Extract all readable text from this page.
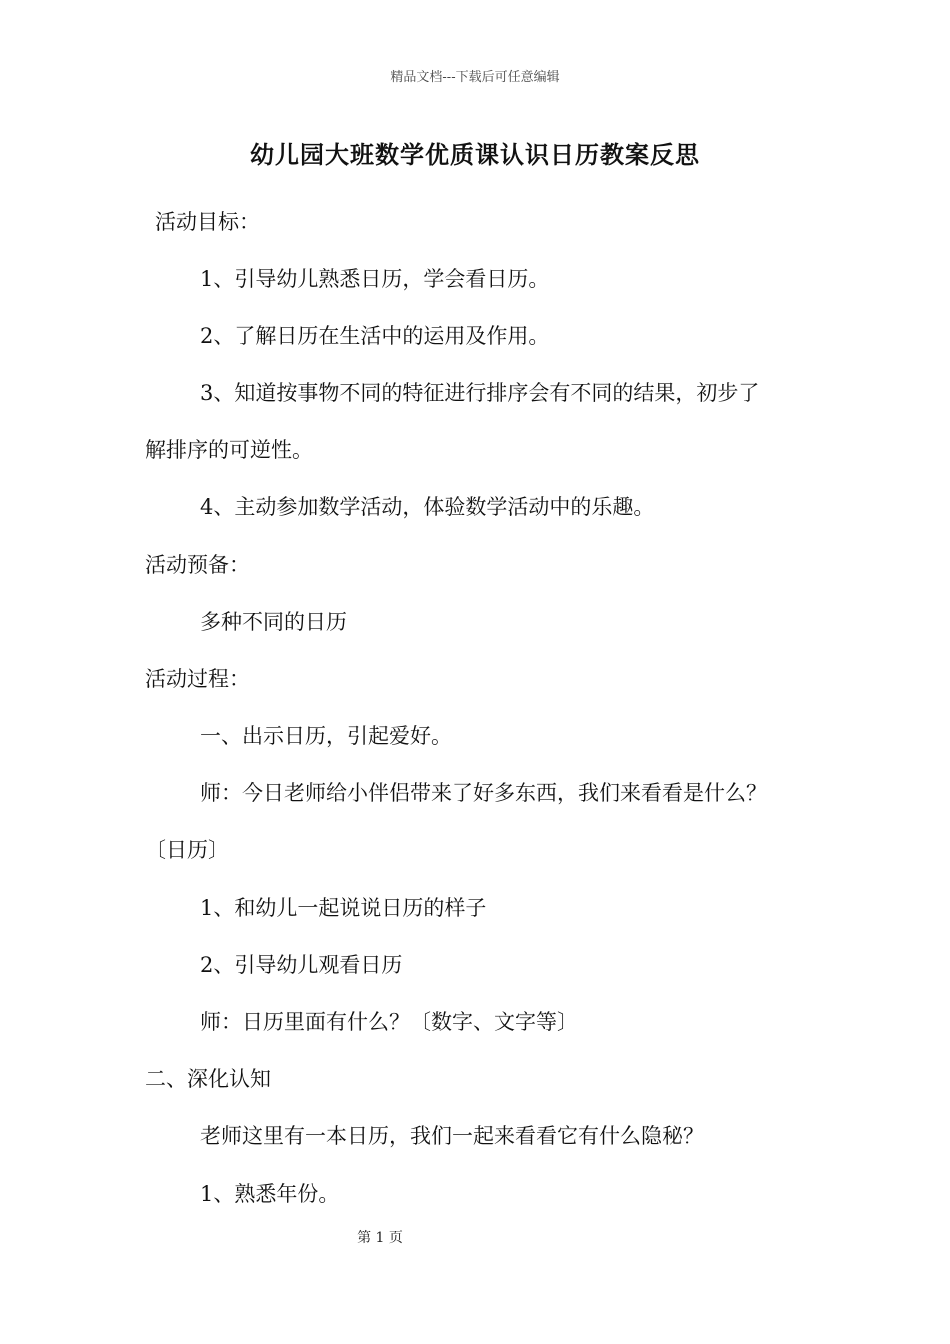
精品文档---下载后可任意编辑
幼儿园大班数学优质课认识日历教案反思
活动目标：
1、引导幼儿熟悉日历，学会看日历。
2、了解日历在生活中的运用及作用。
3、知道按事物不同的特征进行排序会有不同的结果，初步了
解排序的可逆性。
4、主动参加数学活动，体验数学活动中的乐趣。
活动预备：
多种不同的日历
活动过程：
一、出示日历，引起爱好。
师：今日老师给小伴侣带来了好多东西，我们来看看是什么？
〔日历〕
1、和幼儿一起说说日历的样子
2、引导幼儿观看日历
师：日历里面有什么？〔数字、文字等〕
二、深化认知
老师这里有一本日历，我们一起来看看它有什么隐秘？
1、熟悉年份。
第 1 页
